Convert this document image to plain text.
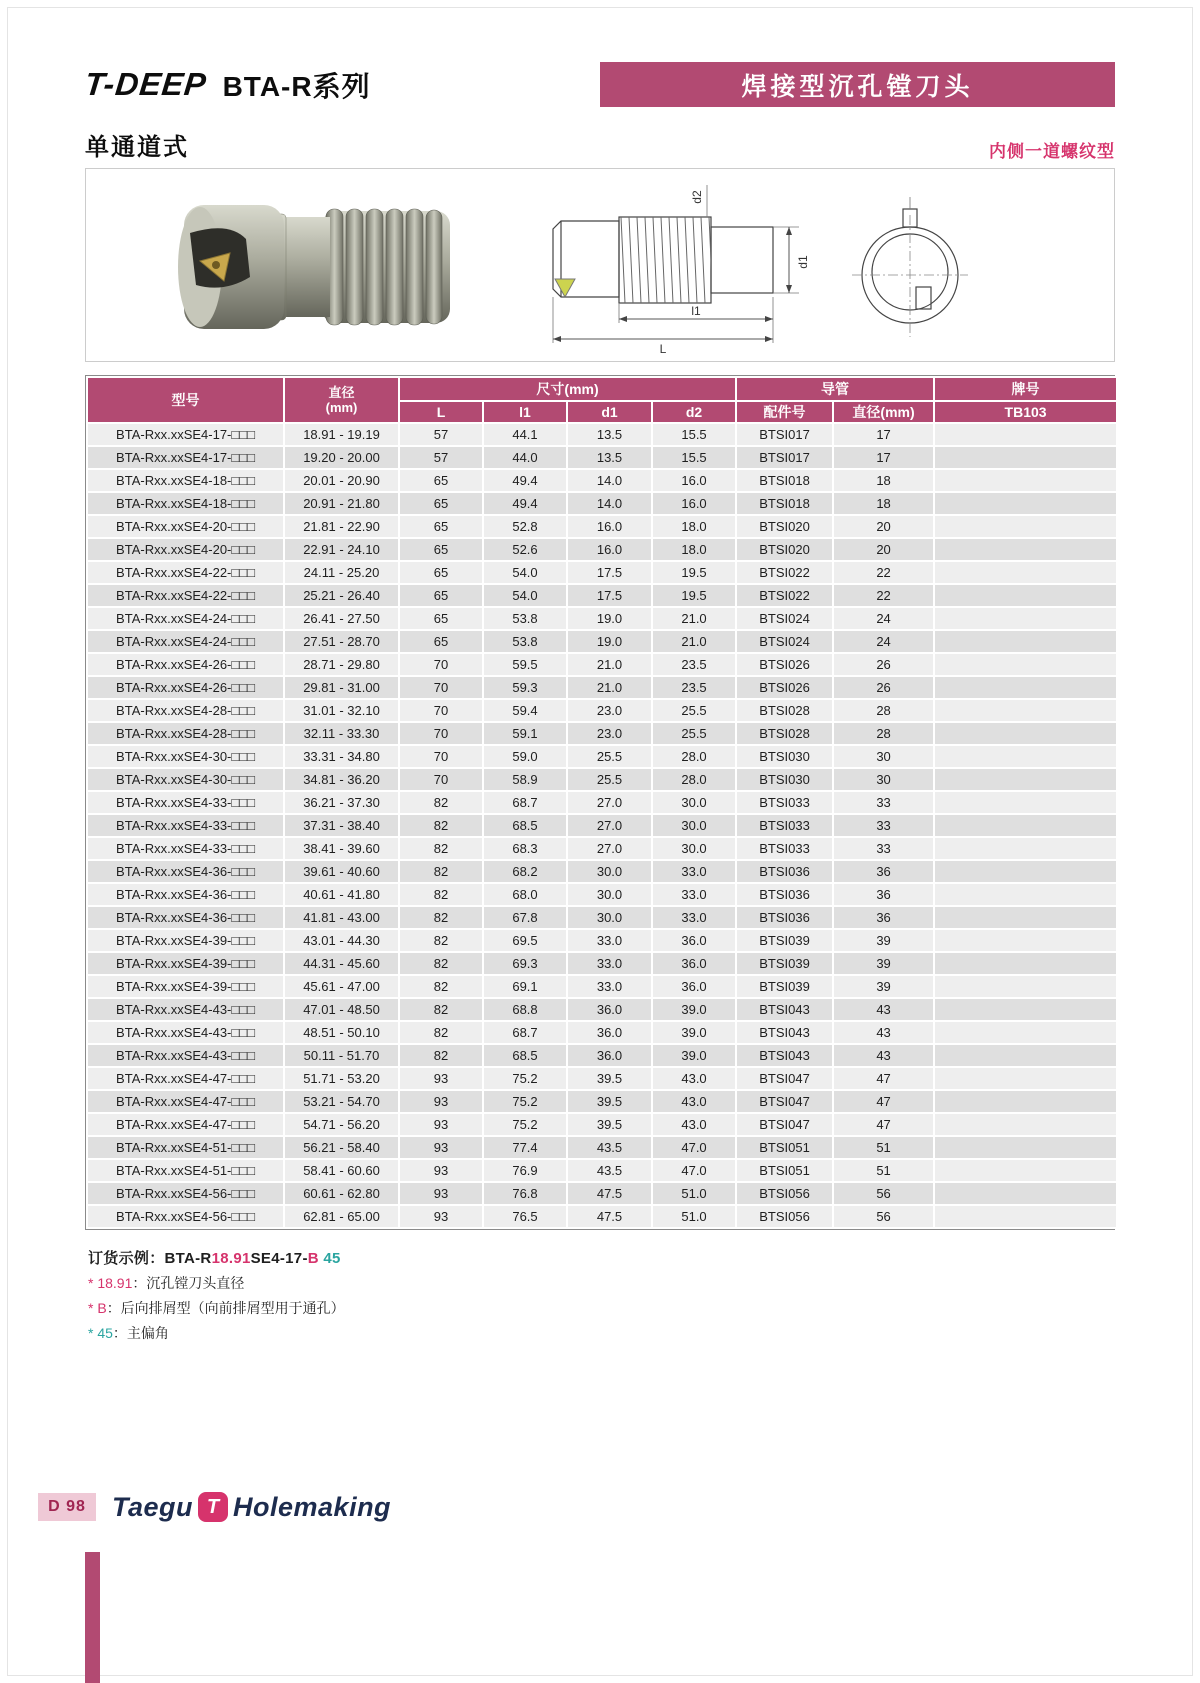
T-DEEP BTA-R系列	焊接型沉孔镗刀头
单通道式	内侧一道螺纹型
d2
d1
l1
L
型号	直径
(mm)	尺寸(mm)				导管		牌号
		L	l1	d1	d2	配件号	直径(mm)	TB103
BTA-Rxx.xxSE4-17-□□□	18.91 - 19.19	57	44.1	13.5	15.5	BTSI017	17	
BTA-Rxx.xxSE4-17-□□□	19.20 - 20.00	57	44.0	13.5	15.5	BTSI017	17	
BTA-Rxx.xxSE4-18-□□□	20.01 - 20.90	65	49.4	14.0	16.0	BTSI018	18	
BTA-Rxx.xxSE4-18-□□□	20.91 - 21.80	65	49.4	14.0	16.0	BTSI018	18	
BTA-Rxx.xxSE4-20-□□□	21.81 - 22.90	65	52.8	16.0	18.0	BTSI020	20	
BTA-Rxx.xxSE4-20-□□□	22.91 - 24.10	65	52.6	16.0	18.0	BTSI020	20	
BTA-Rxx.xxSE4-22-□□□	24.11 - 25.20	65	54.0	17.5	19.5	BTSI022	22	
BTA-Rxx.xxSE4-22-□□□	25.21 - 26.40	65	54.0	17.5	19.5	BTSI022	22	
BTA-Rxx.xxSE4-24-□□□	26.41 - 27.50	65	53.8	19.0	21.0	BTSI024	24	
BTA-Rxx.xxSE4-24-□□□	27.51 - 28.70	65	53.8	19.0	21.0	BTSI024	24	
BTA-Rxx.xxSE4-26-□□□	28.71 - 29.80	70	59.5	21.0	23.5	BTSI026	26	
BTA-Rxx.xxSE4-26-□□□	29.81 - 31.00	70	59.3	21.0	23.5	BTSI026	26	
BTA-Rxx.xxSE4-28-□□□	31.01 - 32.10	70	59.4	23.0	25.5	BTSI028	28	
BTA-Rxx.xxSE4-28-□□□	32.11 - 33.30	70	59.1	23.0	25.5	BTSI028	28	
BTA-Rxx.xxSE4-30-□□□	33.31 - 34.80	70	59.0	25.5	28.0	BTSI030	30	
BTA-Rxx.xxSE4-30-□□□	34.81 - 36.20	70	58.9	25.5	28.0	BTSI030	30	
BTA-Rxx.xxSE4-33-□□□	36.21 - 37.30	82	68.7	27.0	30.0	BTSI033	33	
BTA-Rxx.xxSE4-33-□□□	37.31 - 38.40	82	68.5	27.0	30.0	BTSI033	33	
BTA-Rxx.xxSE4-33-□□□	38.41 - 39.60	82	68.3	27.0	30.0	BTSI033	33	
BTA-Rxx.xxSE4-36-□□□	39.61 - 40.60	82	68.2	30.0	33.0	BTSI036	36	
BTA-Rxx.xxSE4-36-□□□	40.61 - 41.80	82	68.0	30.0	33.0	BTSI036	36	
BTA-Rxx.xxSE4-36-□□□	41.81 - 43.00	82	67.8	30.0	33.0	BTSI036	36	
BTA-Rxx.xxSE4-39-□□□	43.01 - 44.30	82	69.5	33.0	36.0	BTSI039	39	
BTA-Rxx.xxSE4-39-□□□	44.31 - 45.60	82	69.3	33.0	36.0	BTSI039	39	
BTA-Rxx.xxSE4-39-□□□	45.61 - 47.00	82	69.1	33.0	36.0	BTSI039	39	
BTA-Rxx.xxSE4-43-□□□	47.01 - 48.50	82	68.8	36.0	39.0	BTSI043	43	
BTA-Rxx.xxSE4-43-□□□	48.51 - 50.10	82	68.7	36.0	39.0	BTSI043	43	
BTA-Rxx.xxSE4-43-□□□	50.11 - 51.70	82	68.5	36.0	39.0	BTSI043	43	
BTA-Rxx.xxSE4-47-□□□	51.71 - 53.20	93	75.2	39.5	43.0	BTSI047	47	
BTA-Rxx.xxSE4-47-□□□	53.21 - 54.70	93	75.2	39.5	43.0	BTSI047	47	
BTA-Rxx.xxSE4-47-□□□	54.71 - 56.20	93	75.2	39.5	43.0	BTSI047	47	
BTA-Rxx.xxSE4-51-□□□	56.21 - 58.40	93	77.4	43.5	47.0	BTSI051	51	
BTA-Rxx.xxSE4-51-□□□	58.41 - 60.60	93	76.9	43.5	47.0	BTSI051	51	
BTA-Rxx.xxSE4-56-□□□	60.61 - 62.80	93	76.8	47.5	51.0	BTSI056	56	
BTA-Rxx.xxSE4-56-□□□	62.81 - 65.00	93	76.5	47.5	51.0	BTSI056	56	
订货示例：BTA-R18.91SE4-17-B 45
* 18.91：沉孔镗刀头直径
* B：后向排屑型（向前排屑型用于通孔）
* 45：主偏角
D 98 Taegu T Holemaking
